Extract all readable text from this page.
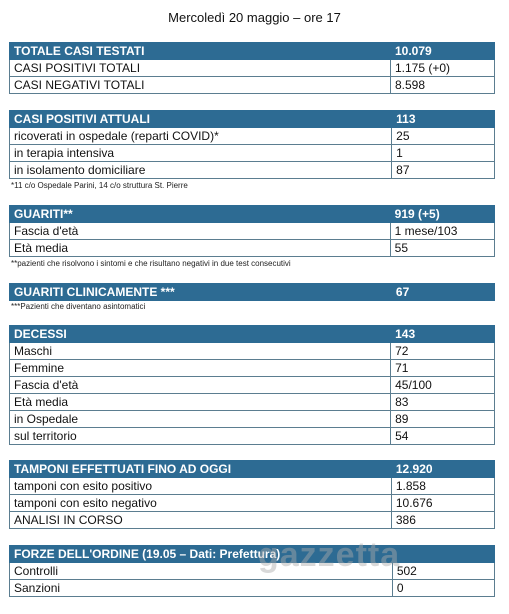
Mercoledì 20 maggio – ore 17
TOTALE CASI TESTATI	10.079
CASI POSITIVI TOTALI	1.175 (+0)
CASI NEGATIVI TOTALI	8.598
CASI POSITIVI ATTUALI	113
ricoverati in ospedale (reparti COVID)*	25
in terapia intensiva	1
in isolamento domiciliare	87
*11 c/o Ospedale Parini, 14 c/o struttura St. Pierre
GUARITI**	919 (+5)
Fascia d'età	1 mese/103
Età media	55
**pazienti che risolvono i sintomi e che risultano negativi in due test consecutivi
GUARITI CLINICAMENTE ***	67
***Pazienti che diventano asintomatici
DECESSI	143
Maschi	72
Femmine	71
Fascia d'età	45/100
Età media	83
in Ospedale	89
sul territorio	54
TAMPONI EFFETTUATI FINO AD OGGI	12.920
tamponi con esito positivo	1.858
tamponi con esito negativo	10.676
ANALISI IN CORSO	386
FORZE DELL'ORDINE (19.05 – Dati: Prefettura)	
Controlli	502
Sanzioni	0
gazzetta
